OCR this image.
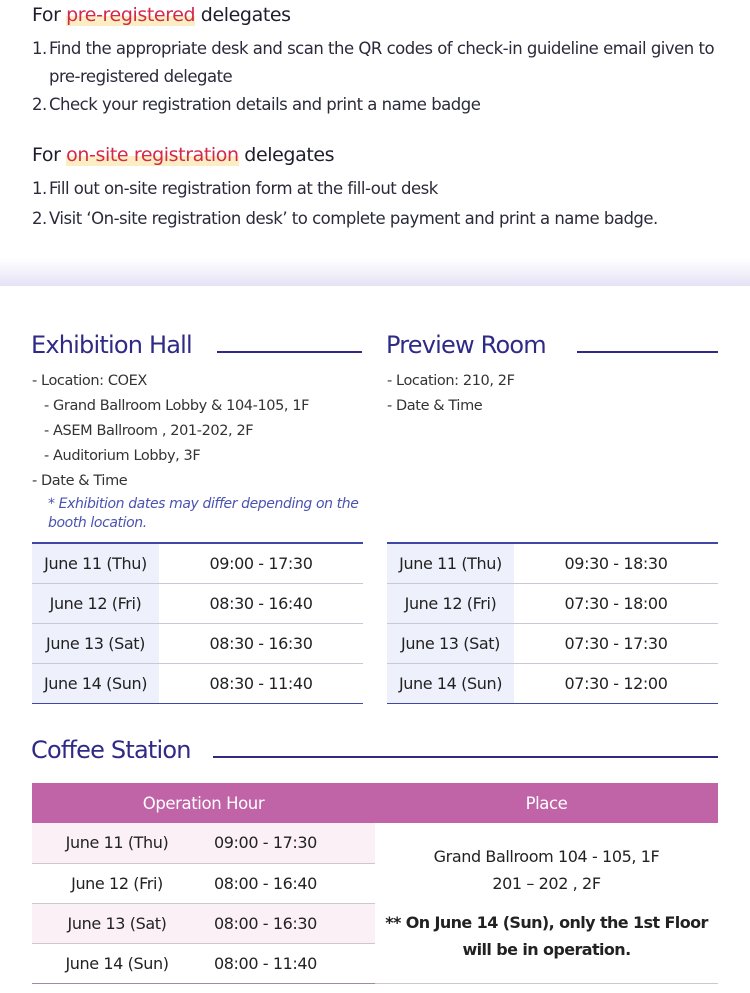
For pre-registered delegates
1. Find the appropriate desk and scan the QR codes of check-in guideline email given to pre-registered delegate
2. Check your registration details and print a name badge
For on-site registration delegates
1. Fill out on-site registration form at the fill-out desk
2. Visit ‘On-site registration desk’ to complete payment and print a name badge.
Exhibition Hall
- Location: COEX
- Grand Ballroom Lobby & 104-105, 1F
- ASEM Ballroom , 201-202, 2F
- Auditorium Lobby, 3F
- Date & Time
* Exhibition dates may differ depending on the booth location.
June 11 (Thu)	09:00 - 17:30
June 12 (Fri)	08:30 - 16:40
June 13 (Sat)	08:30 - 16:30
June 14 (Sun)	08:30 - 11:40
Preview Room
- Location: 210, 2F
- Date & Time
June 11 (Thu)	09:30 - 18:30
June 12 (Fri)	07:30 - 18:00
June 13 (Sat)	07:30 - 17:30
June 14 (Sun)	07:30 - 12:00
Coffee Station
Operation Hour		Place
June 11 (Thu)	09:00 - 17:30	Grand Ballroom 104 - 105, 1F
201 – 202 , 2F
** On June 14 (Sun), only the 1st Floor
will be in operation.

June 12 (Fri)	08:00 - 16:40	
June 13 (Sat)	08:00 - 16:30	
June 14 (Sun)	08:00 - 11:40	
